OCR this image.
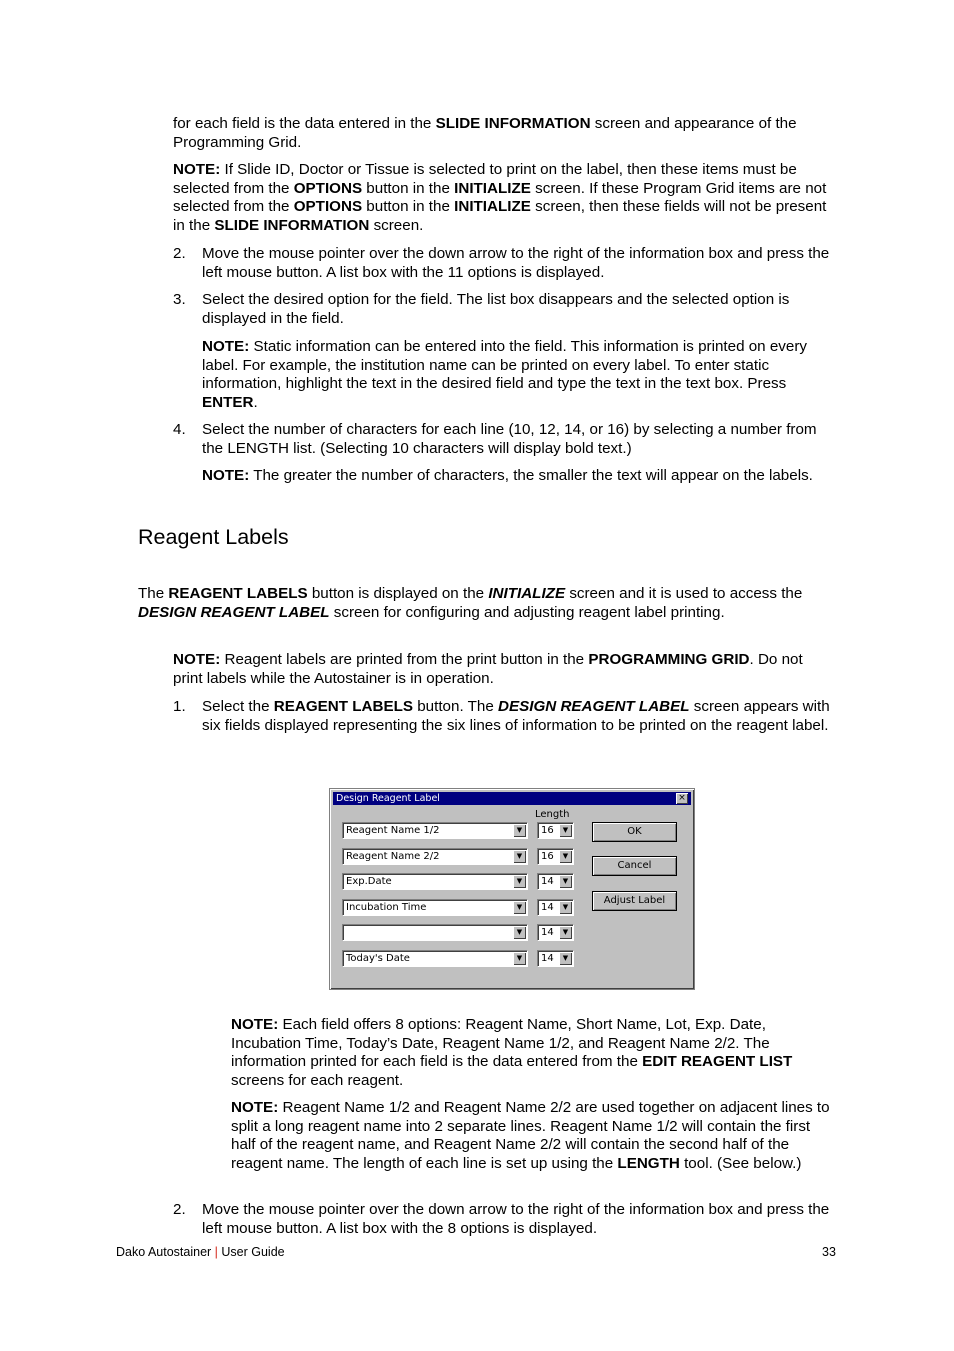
for each field is the data entered in the SLIDE INFORMATION screen and appearance of the Programming Grid.

NOTE: If Slide ID, Doctor or Tissue is selected to print on the label, then these items must be selected from the OPTIONS button in the INITIALIZE screen. If these Program Grid items are not selected from the OPTIONS button in the INITIALIZE screen, then these fields will not be present in the SLIDE INFORMATION screen.

2.	Move the mouse pointer over the down arrow to the right of the information box and press the left mouse button. A list box with the 11 options is displayed.

3.	Select the desired option for the field. The list box disappears and the selected option is displayed in the field.

NOTE: Static information can be entered into the field. This information is printed on every label. For example, the institution name can be printed on every label. To enter static information, highlight the text in the desired field and type the text in the text box. Press ENTER.

4.	Select the number of characters for each line (10, 12, 14, or 16) by selecting a number from the LENGTH list. (Selecting 10 characters will display bold text.)

NOTE: The greater the number of characters, the smaller the text will appear on the labels.

Reagent Labels

The REAGENT LABELS button is displayed on the INITIALIZE screen and it is used to access the DESIGN REAGENT LABEL screen for configuring and adjusting reagent label printing.

NOTE: Reagent labels are printed from the print button in the PROGRAMMING GRID. Do not print labels while the Autostainer is in operation.

1.	Select the REAGENT LABELS button. The DESIGN REAGENT LABEL screen appears with six fields displayed representing the six lines of information to be printed on the reagent label.

Design Reagent Label	×
Length
Reagent Name 1/2	▼	16	▼
Reagent Name 2/2	▼	16	▼
Exp.Date	▼	14	▼
Incubation Time	▼	14	▼
▼	14	▼
Today's Date	▼	14	▼
OK
Cancel
Adjust Label

NOTE: Each field offers 8 options: Reagent Name, Short Name, Lot, Exp. Date, Incubation Time, Today’s Date, Reagent Name 1/2, and Reagent Name 2/2. The information printed for each field is the data entered from the EDIT REAGENT LIST screens for each reagent.

NOTE: Reagent Name 1/2 and Reagent Name 2/2 are used together on adjacent lines to split a long reagent name into 2 separate lines. Reagent Name 1/2 will contain the first half of the reagent name, and Reagent Name 2/2 will contain the second half of the reagent name. The length of each line is set up using the LENGTH tool. (See below.)

2.	Move the mouse pointer over the down arrow to the right of the information box and press the left mouse button. A list box with the 8 options is displayed.

Dako Autostainer | User Guide	33
